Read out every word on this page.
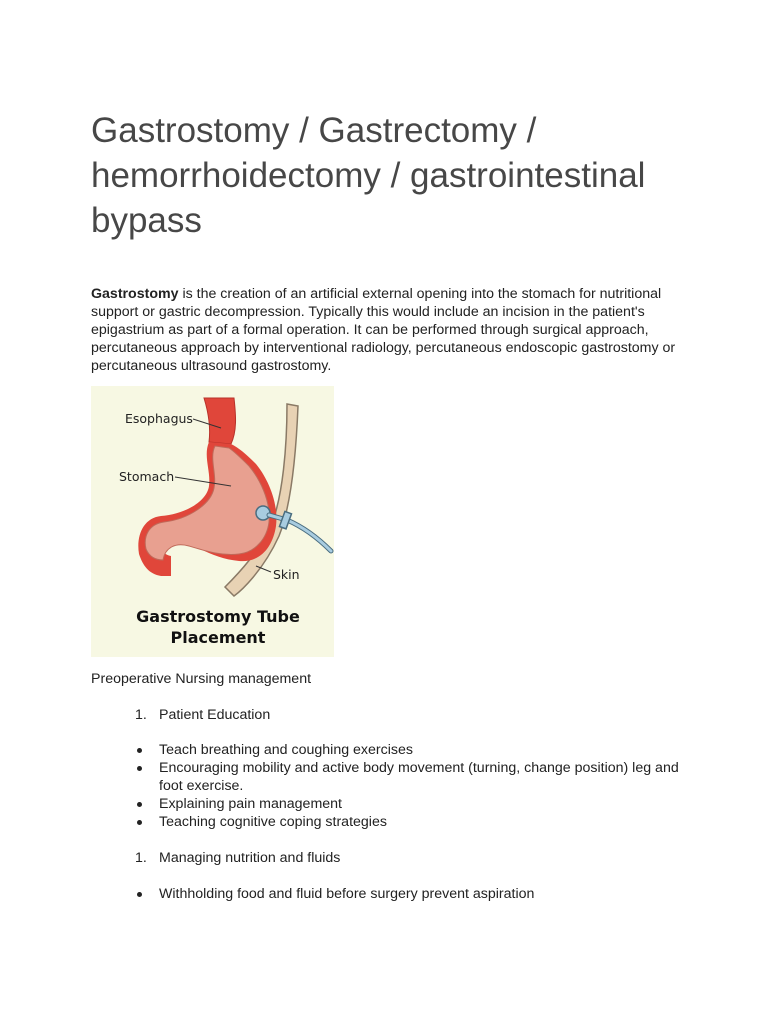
Gastrostomy / Gastrectomy / hemorrhoidectomy / gastrointestinal bypass

Gastrostomy is the creation of an artificial external opening into the stomach for nutritional support or gastric decompression. Typically this would include an incision in the patient's epigastrium as part of a formal operation. It can be performed through surgical approach, percutaneous approach by interventional radiology, percutaneous endoscopic gastrostomy or percutaneous ultrasound gastrostomy.

Esophagus
Stomach
Skin
Gastrostomy Tube
Placement

Preoperative Nursing management

1. Patient Education
Teach breathing and coughing exercises
Encouraging mobility and active body movement (turning, change position) leg and foot exercise.
Explaining pain management
Teaching cognitive coping strategies
1. Managing nutrition and fluids
Withholding food and fluid before surgery prevent aspiration
